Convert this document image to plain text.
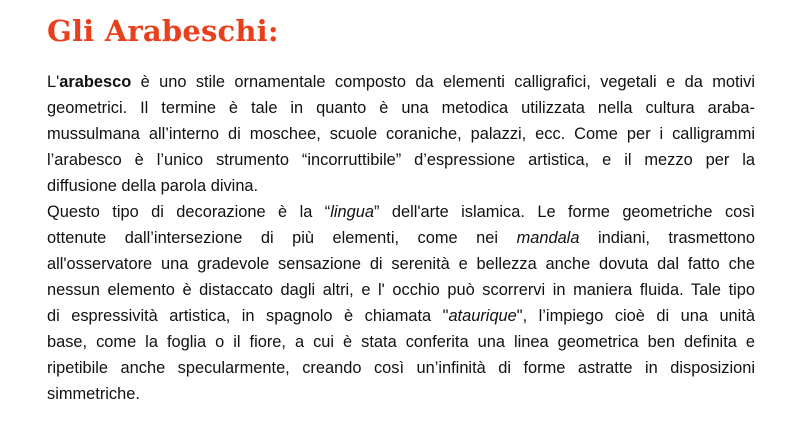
Gli Arabeschi:
L'arabesco è uno stile ornamentale composto da elementi calligrafici, vegetali e da motivi
geometrici. Il termine è tale in quanto è una metodica utilizzata nella cultura araba-
mussulmana all’interno di moschee, scuole coraniche, palazzi, ecc. Come per i calligrammi
l’arabesco è l’unico strumento “incorruttibile” d’espressione artistica, e il mezzo per la
diffusione della parola divina.
Questo tipo di decorazione è la “lingua” dell'arte islamica. Le forme geometriche così
ottenute dall’intersezione di più elementi, come nei mandala indiani, trasmettono
all'osservatore una gradevole sensazione di serenità e bellezza anche dovuta dal fatto che
nessun elemento è distaccato dagli altri, e l' occhio può scorrervi in maniera fluida. Tale tipo
di espressività artistica, in spagnolo è chiamata "ataurique", l’impiego cioè di una unità
base, come la foglia o il fiore, a cui è stata conferita una linea geometrica ben definita e
ripetibile anche specularmente, creando così un’infinità di forme astratte in disposizioni
simmetriche.
